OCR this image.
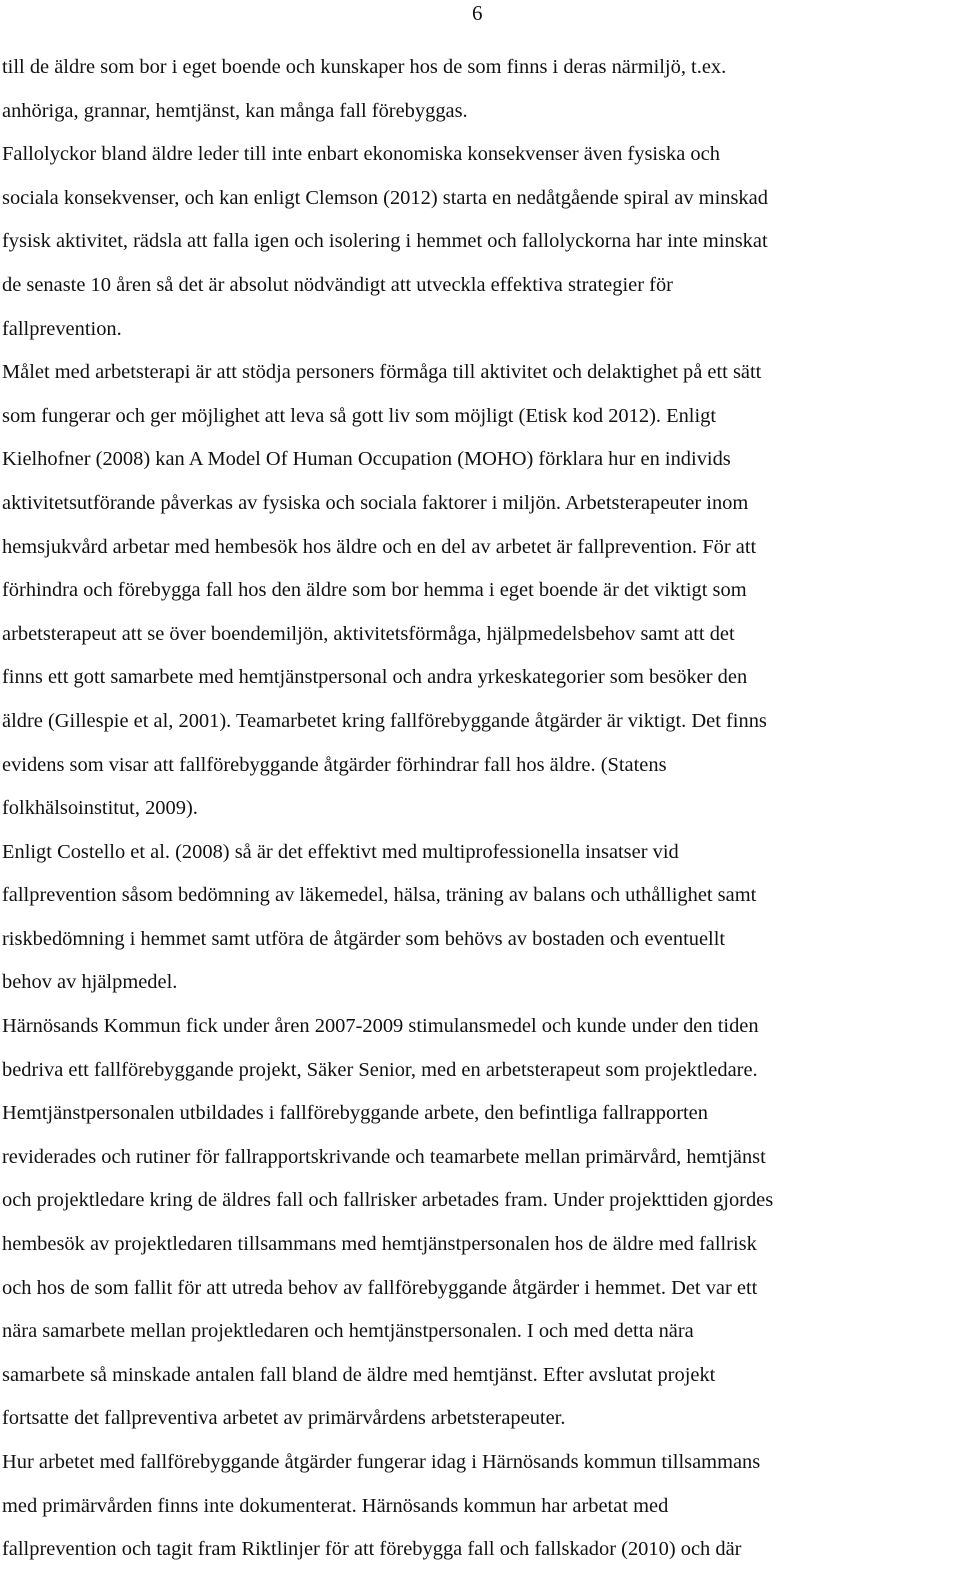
6
till de äldre som bor i eget boende och kunskaper hos de som finns i deras närmiljö, t.ex.
anhöriga, grannar, hemtjänst, kan många fall förebyggas.
Fallolyckor bland äldre leder till inte enbart ekonomiska konsekvenser även fysiska och
sociala konsekvenser, och kan enligt Clemson (2012) starta en nedåtgående spiral av minskad
fysisk aktivitet, rädsla att falla igen och isolering i hemmet och fallolyckorna har inte minskat
de senaste 10 åren så det är absolut nödvändigt att utveckla effektiva strategier för
fallprevention.
Målet med arbetsterapi är att stödja personers förmåga till aktivitet och delaktighet på ett sätt
som fungerar och ger möjlighet att leva så gott liv som möjligt (Etisk kod 2012). Enligt
Kielhofner (2008) kan A Model Of Human Occupation (MOHO) förklara hur en individs
aktivitetsutförande påverkas av fysiska och sociala faktorer i miljön. Arbetsterapeuter inom
hemsjukvård arbetar med hembesök hos äldre och en del av arbetet är fallprevention. För att
förhindra och förebygga fall hos den äldre som bor hemma i eget boende är det viktigt som
arbetsterapeut att se över boendemiljön, aktivitetsförmåga, hjälpmedelsbehov samt att det
finns ett gott samarbete med hemtjänstpersonal och andra yrkeskategorier som besöker den
äldre (Gillespie et al, 2001). Teamarbetet kring fallförebyggande åtgärder är viktigt. Det finns
evidens som visar att fallförebyggande åtgärder förhindrar fall hos äldre. (Statens
folkhälsoinstitut, 2009).
Enligt Costello et al. (2008) så är det effektivt med multiprofessionella insatser vid
fallprevention såsom bedömning av läkemedel, hälsa, träning av balans och uthållighet samt
riskbedömning i hemmet samt utföra de åtgärder som behövs av bostaden och eventuellt
behov av hjälpmedel.
Härnösands Kommun fick under åren 2007-2009 stimulansmedel och kunde under den tiden
bedriva ett fallförebyggande projekt, Säker Senior, med en arbetsterapeut som projektledare.
Hemtjänstpersonalen utbildades i fallförebyggande arbete, den befintliga fallrapporten
reviderades och rutiner för fallrapportskrivande och teamarbete mellan primärvård, hemtjänst
och projektledare kring de äldres fall och fallrisker arbetades fram. Under projekttiden gjordes
hembesök av projektledaren tillsammans med hemtjänstpersonalen hos de äldre med fallrisk
och hos de som fallit för att utreda behov av fallförebyggande åtgärder i hemmet. Det var ett
nära samarbete mellan projektledaren och hemtjänstpersonalen. I och med detta nära
samarbete så minskade antalen fall bland de äldre med hemtjänst. Efter avslutat projekt
fortsatte det fallpreventiva arbetet av primärvårdens arbetsterapeuter.
Hur arbetet med fallförebyggande åtgärder fungerar idag i Härnösands kommun tillsammans
med primärvården finns inte dokumenterat. Härnösands kommun har arbetat med
fallprevention och tagit fram Riktlinjer för att förebygga fall och fallskador (2010) och där
